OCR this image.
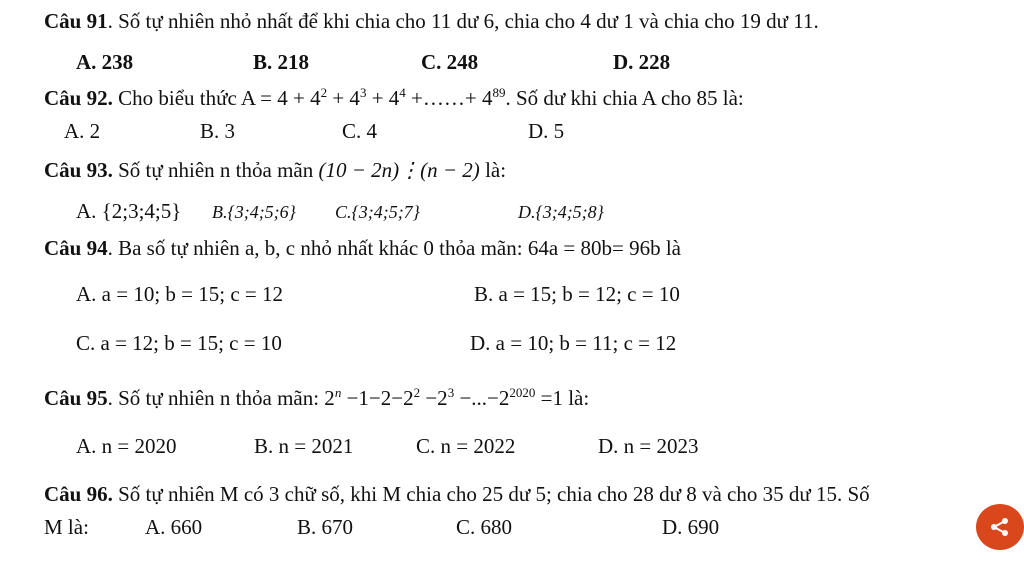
Câu 91. Số tự nhiên nhỏ nhất để khi chia cho 11 dư 6, chia cho 4 dư 1 và chia cho 19 dư 11.
A. 238	B. 218	C. 248	D. 228
Câu 92. Cho biểu thức $A = 4 + 4^2 + 4^3 + 4^4$ +……+ $4^{89}$. Số dư khi chia A cho 85 là:
A. 2	B. 3	C. 4	D. 5
Câu 93. Số tự nhiên n thỏa mãn (10 − 2n)⋮(n − 2) là:
A. {2;3;4;5} B.{3;4;5;6} C.{3;4;5;7}	D.{3;4;5;8}
Câu 94. Ba số tự nhiên a, b, c nhỏ nhất khác 0 thỏa mãn: 64a = 80b= 96b là
A. a = 10; b = 15; c = 12	B. a = 15; b = 12; c = 10
C. a = 12; b = 15; c = 10	D. a = 10; b = 11; c = 12
Câu 95. Số tự nhiên n thỏa mãn: $2^n -1-2-2^2 -2^3 -...-2^{2020} =1$ là:
A. n = 2020	B. n = 2021	C. n = 2022	D. n = 2023
Câu 96. Số tự nhiên M có 3 chữ số, khi M chia cho 25 dư 5; chia cho 28 dư 8 và cho 35 dư 15. Số
M là:	A. 660	B. 670	C. 680	D. 690
